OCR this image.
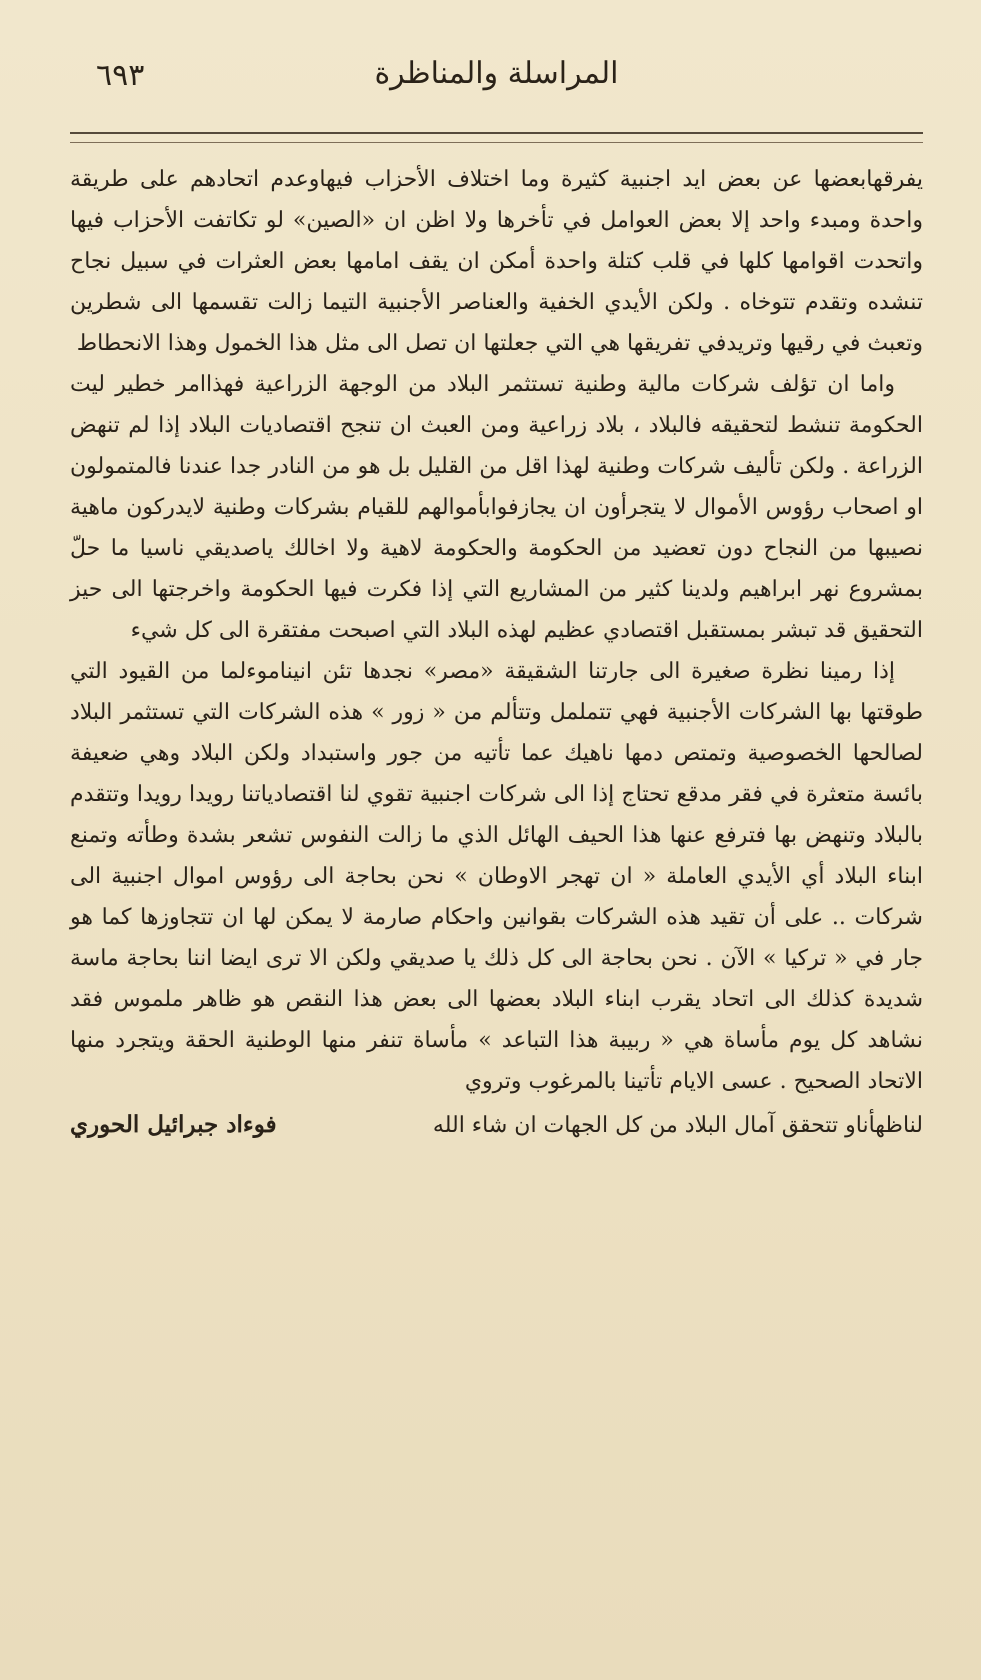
٦٩٣	المراسلة والمناظرة

يفرقهابعضها عن بعض ايد اجنبية كثيرة وما اختلاف الأحزاب فيهاوعدم اتحادهم على طريقة واحدة ومبدء واحد إلا بعض العوامل في تأخرها ولا اظن ان «الصين» لو تكاتفت الأحزاب فيها واتحدت اقوامها كلها في قلب كتلة واحدة أمكن ان يقف امامها بعض العثرات في سبيل نجاح تنشده وتقدم تتوخاه . ولكن الأيدي الخفية والعناصر الأجنبية التيما زالت تقسمها الى شطرين وتعبث في رقيها وتريدفي تفريقها هي التي جعلتها ان تصل الى مثل هذا الخمول وهذا الانحطاط

واما ان تؤلف شركات مالية وطنية تستثمر البلاد من الوجهة الزراعية فهذاامر خطير ليت الحكومة تنشط لتحقيقه فالبلاد ، بلاد زراعية ومن العبث ان تنجح اقتصاديات البلاد إذا لم تنهض الزراعة . ولكن تأليف شركات وطنية لهذا اقل من القليل بل هو من النادر جدا عندنا فالمتمولون او اصحاب رؤوس الأموال لا يتجرأون ان يجازفوابأموالهم للقيام بشركات وطنية لايدركون ماهية نصيبها من النجاح دون تعضيد من الحكومة والحكومة لاهية ولا اخالك ياصديقي ناسيا ما حلّ بمشروع نهر ابراهيم ولدينا كثير من المشاريع التي إذا فكرت فيها الحكومة واخرجتها الى حيز التحقيق قد تبشر بمستقبل اقتصادي عظيم لهذه البلاد التي اصبحت مفتقرة الى كل شيء

إذا رمينا نظرة صغيرة الى جارتنا الشقيقة «مصر» نجدها تئن انيناموءلما من القيود التي طوقتها بها الشركات الأجنبية فهي تتململ وتتألم من « زور » هذه الشركات التي تستثمر البلاد لصالحها الخصوصية وتمتص دمها ناهيك عما تأتيه من جور واستبداد ولكن البلاد وهي ضعيفة بائسة متعثرة في فقر مدقع تحتاج إذا الى شركات اجنبية تقوي لنا اقتصادياتنا رويدا رويدا وتتقدم بالبلاد وتنهض بها فترفع عنها هذا الحيف الهائل الذي ما زالت النفوس تشعر بشدة وطأته وتمنع ابناء البلاد أي الأيدي العاملة « ان تهجر الاوطان » نحن بحاجة الى رؤوس اموال اجنبية الى شركات .. على أن تقيد هذه الشركات بقوانين واحكام صارمة لا يمكن لها ان تتجاوزها كما هو جار في « تركيا » الآن . نحن بحاجة الى كل ذلك يا صديقي ولكن الا ترى ايضا اننا بحاجة ماسة شديدة كذلك الى اتحاد يقرب ابناء البلاد بعضها الى بعض هذا النقص هو ظاهر ملموس فقد نشاهد كل يوم مأساة هي « ربيبة هذا التباعد » مأساة تنفر منها الوطنية الحقة ويتجرد منها الاتحاد الصحيح . عسى الايام تأتينا بالمرغوب وتروي

لناظهأناو تتحقق آمال البلاد من كل الجهات ان شاء الله
فوءاد جبرائيل الحوري
